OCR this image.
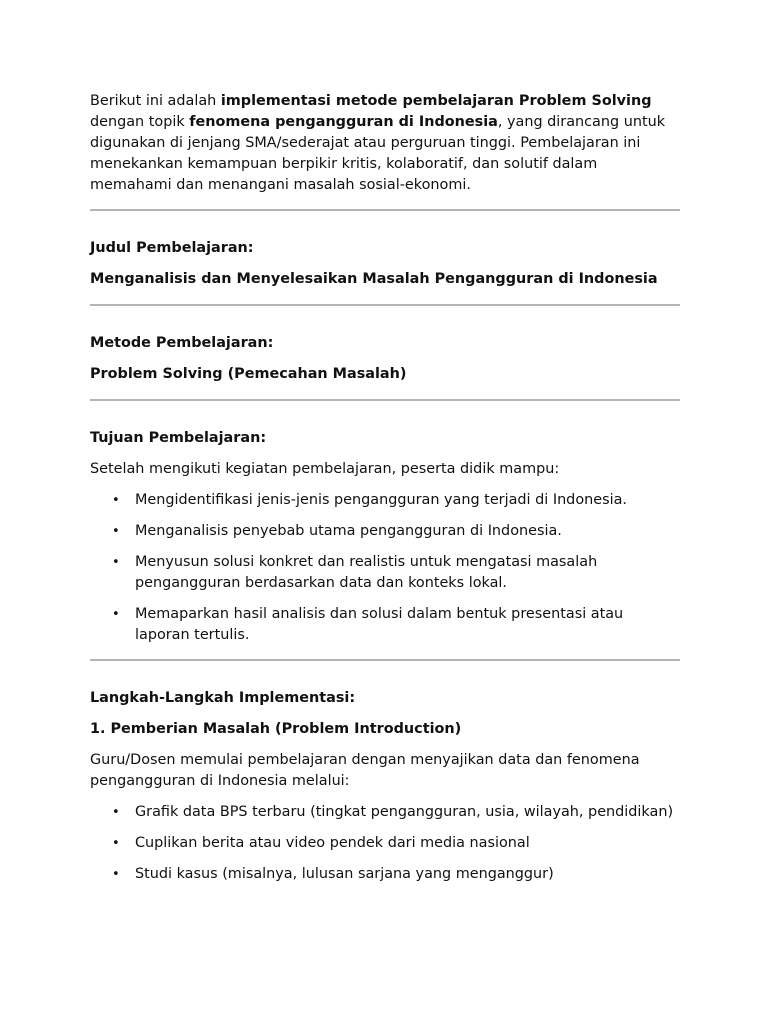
Berikut ini adalah implementasi metode pembelajaran Problem Solving dengan topik fenomena pengangguran di Indonesia, yang dirancang untuk digunakan di jenjang SMA/sederajat atau perguruan tinggi. Pembelajaran ini menekankan kemampuan berpikir kritis, kolaboratif, dan solutif dalam memahami dan menangani masalah sosial-ekonomi.

Judul Pembelajaran:

Menganalisis dan Menyelesaikan Masalah Pengangguran di Indonesia

Metode Pembelajaran:

Problem Solving (Pemecahan Masalah)

Tujuan Pembelajaran:

Setelah mengikuti kegiatan pembelajaran, peserta didik mampu:

• Mengidentifikasi jenis-jenis pengangguran yang terjadi di Indonesia.
• Menganalisis penyebab utama pengangguran di Indonesia.
• Menyusun solusi konkret dan realistis untuk mengatasi masalah pengangguran berdasarkan data dan konteks lokal.
• Memaparkan hasil analisis dan solusi dalam bentuk presentasi atau laporan tertulis.

Langkah-Langkah Implementasi:

1. Pemberian Masalah (Problem Introduction)

Guru/Dosen memulai pembelajaran dengan menyajikan data dan fenomena pengangguran di Indonesia melalui:

• Grafik data BPS terbaru (tingkat pengangguran, usia, wilayah, pendidikan)
• Cuplikan berita atau video pendek dari media nasional
• Studi kasus (misalnya, lulusan sarjana yang menganggur)
